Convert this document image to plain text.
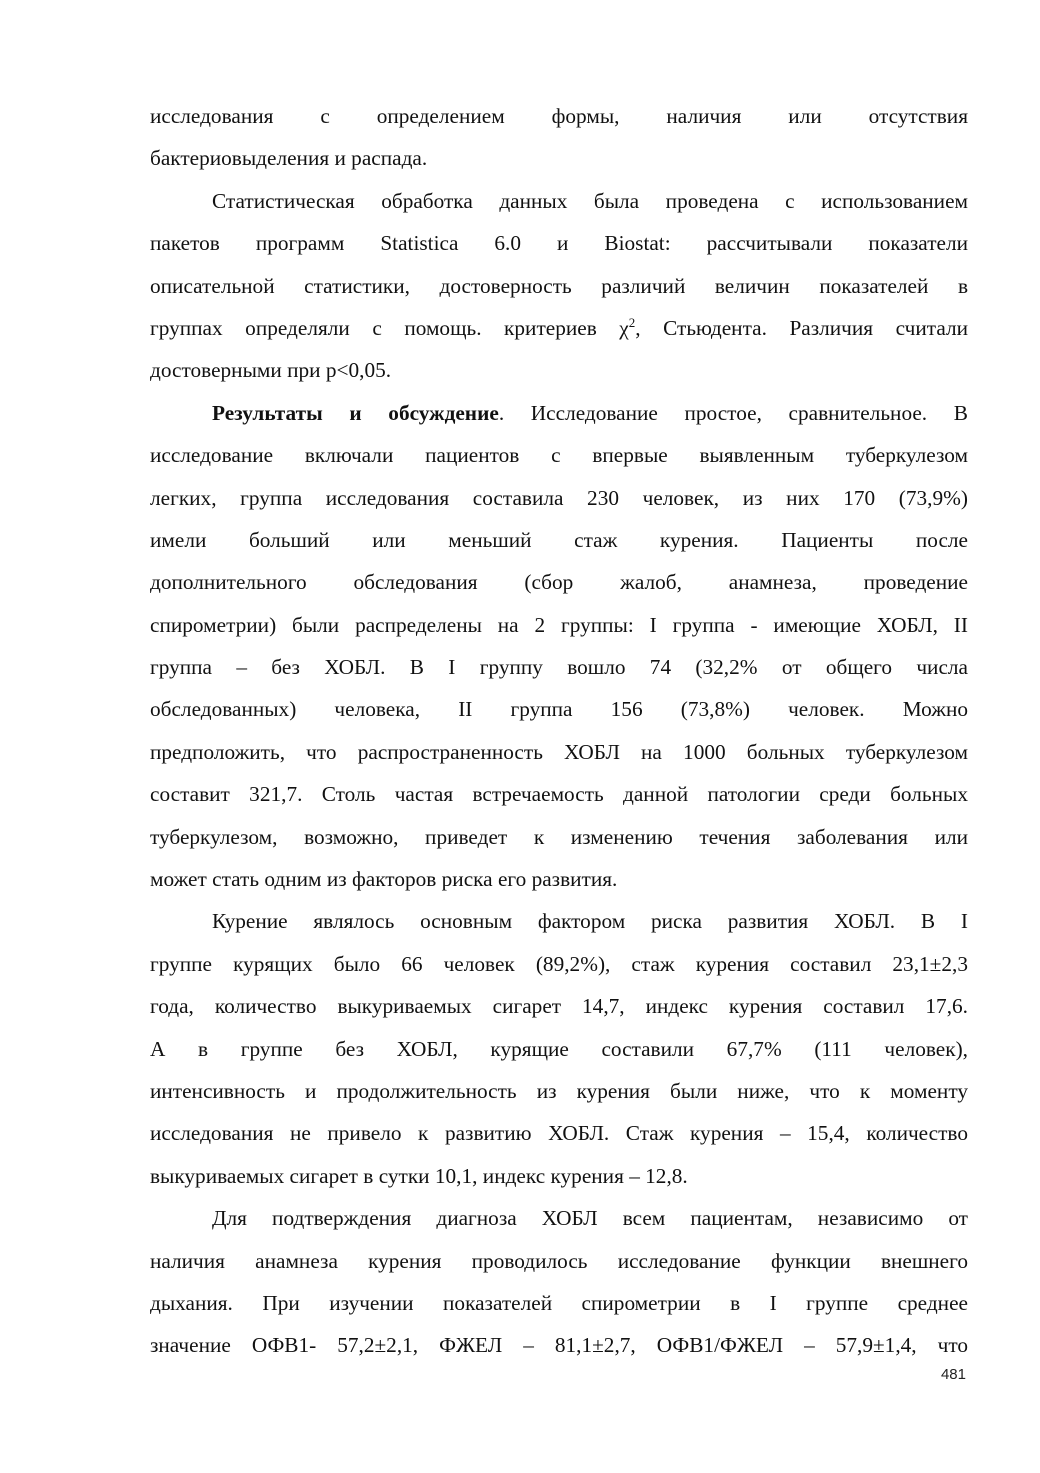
исследования с определением формы, наличия или отсутствия
бактериовыделения и распада.
Статистическая обработка данных была проведена с использованием
пакетов программ Statistica 6.0 и Biostat: рассчитывали показатели
описательной статистики, достоверность различий величин показателей в
группах определяли с помощь. критериев $\chi^2$, Стьюдента. Различия считали
достоверными при p<0,05.
Результаты и обсуждение. Исследование простое, сравнительное. В
исследование включали пациентов с впервые выявленным туберкулезом
легких, группа исследования составила 230 человек, из них 170 (73,9%)
имели больший или меньший стаж курения. Пациенты после
дополнительного обследования (сбор жалоб, анамнеза, проведение
спирометрии) были распределены на 2 группы: I группа - имеющие ХОБЛ, II
группа – без ХОБЛ. В I группу вошло 74 (32,2% от общего числа
обследованных) человека, II группа 156 (73,8%) человек. Можно
предположить, что распространенность ХОБЛ на 1000 больных туберкулезом
составит 321,7. Столь частая встречаемость данной патологии среди больных
туберкулезом, возможно, приведет к изменению течения заболевания или
может стать одним из факторов риска его развития.
Курение являлось основным фактором риска развития ХОБЛ. В I
группе курящих было 66 человек (89,2%), стаж курения составил 23,1±2,3
года, количество выкуриваемых сигарет 14,7, индекс курения составил 17,6.
А в группе без ХОБЛ, курящие составили 67,7% (111 человек),
интенсивность и продолжительность из курения были ниже, что к моменту
исследования не привело к развитию ХОБЛ. Стаж курения – 15,4, количество
выкуриваемых сигарет в сутки 10,1, индекс курения – 12,8.
Для подтверждения диагноза ХОБЛ всем пациентам, независимо от
наличия анамнеза курения проводилось исследование функции внешнего
дыхания. При изучении показателей спирометрии в I группе среднее
значение ОФВ1- 57,2±2,1, ФЖЕЛ – 81,1±2,7, ОФВ1/ФЖЕЛ – 57,9±1,4, что
481
